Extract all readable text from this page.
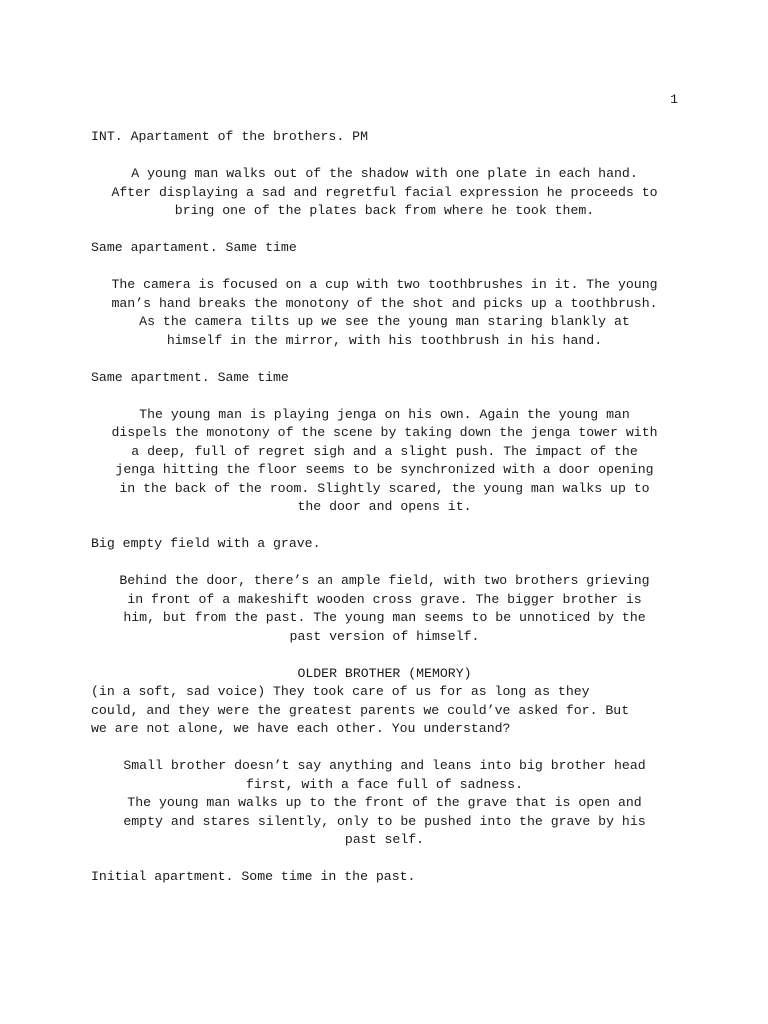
1
INT. Apartament of the brothers. PM
A young man walks out of the shadow with one plate in each hand.
After displaying a sad and regretful facial expression he proceeds to
bring one of the plates back from where he took them.
Same apartament. Same time
The camera is focused on a cup with two toothbrushes in it. The young
man’s hand breaks the monotony of the shot and picks up a toothbrush.
As the camera tilts up we see the young man staring blankly at
himself in the mirror, with his toothbrush in his hand.
Same apartment. Same time
The young man is playing jenga on his own. Again the young man
dispels the monotony of the scene by taking down the jenga tower with
a deep, full of regret sigh and a slight push. The impact of the
jenga hitting the floor seems to be synchronized with a door opening
in the back of the room. Slightly scared, the young man walks up to
the door and opens it.
Big empty field with a grave.
Behind the door, there’s an ample field, with two brothers grieving
in front of a makeshift wooden cross grave. The bigger brother is
him, but from the past. The young man seems to be unnoticed by the
past version of himself.
OLDER BROTHER (MEMORY)
(in a soft, sad voice) They took care of us for as long as they
could, and they were the greatest parents we could’ve asked for. But
we are not alone, we have each other. You understand?
Small brother doesn’t say anything and leans into big brother head
first, with a face full of sadness.
The young man walks up to the front of the grave that is open and
empty and stares silently, only to be pushed into the grave by his
past self.
Initial apartment. Some time in the past.
